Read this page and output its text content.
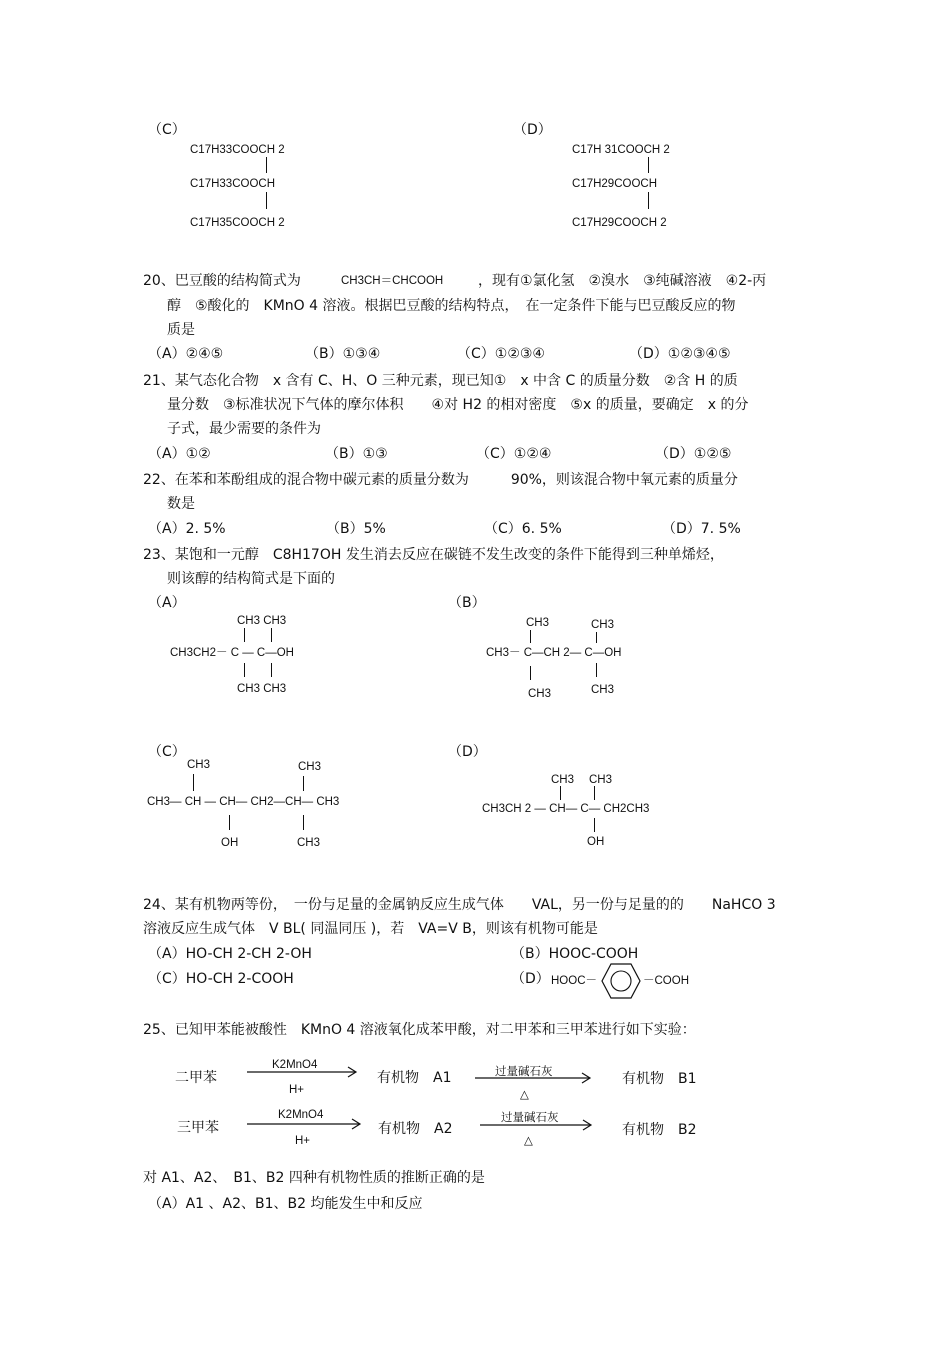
（C）
C17H33COOCH 2
C17H33COOCH
C17H35COOCH 2
（D）
C17H 31COOCH 2
C17H29COOCH
C17H29COOCH 2
20、巴豆酸的结构简式为	CH3CH＝CHCOOH ，现有①氯化氢　②溴水　③纯碱溶液　④2-丙
醇　⑤酸化的　KMnO 4 溶液。根据巴豆酸的结构特点，　在一定条件下能与巴豆酸反应的物
质是
（A）②④⑤	（B）①③④	（C）①②③④	（D）①②③④⑤
21、某气态化合物　x 含有 C、H、O 三种元素，现已知①　x 中含 C 的质量分数　②含 H 的质
量分数　③标准状况下气体的摩尔体积　　④对 H2 的相对密度　⑤x 的质量，要确定　x 的分
子式，最少需要的条件为
（A）①②	（B）①③	（C）①②④	（D）①②⑤
22、在苯和苯酚组成的混合物中碳元素的质量分数为　　　90%，则该混合物中氧元素的质量分
数是
（A）2. 5%	（B）5%	（C）6. 5%	（D）7. 5%
23、某饱和一元醇　C8H17OH 发生消去反应在碳链不发生改变的条件下能得到三种单烯烃，
则该醇的结构简式是下面的
（A）
CH3 CH3
CH3CH2－ C — C—OH
CH3 CH3
（B）
CH3	CH3
CH3－ C—CH 2— C—OH
CH3	CH3
（C）
CH3	CH3
CH3— CH — CH— CH2—CH— CH3
OH	CH3
（D）
CH3 CH3
CH3CH 2 — CH— C— CH2CH3
OH
24、某有机物两等份，　一份与足量的金属钠反应生成气体　　VAL，另一份与足量的的　　NaHCO 3
溶液反应生成气体　V BL( 同温同压 )，若　VA=V B，则该有机物可能是
（A）HO-CH 2-CH 2-OH	（B）HOOC-COOH
（C）HO-CH 2-COOH	（D） HOOC－	－COOH
25、已知甲苯能被酸性　KMnO 4 溶液氧化成苯甲酸，对二甲苯和三甲苯进行如下实验：
二甲苯
K2MnO4
H+
有机物　A1	过量碱石灰
△
有机物　B1
三甲苯
K2MnO4
H+
有机物　A2
过量碱石灰
△
有机物　B2
对 A1、A2、　B1、B2 四种有机物性质的推断正确的是
（A）A1 、A2、B1、B2 均能发生中和反应
